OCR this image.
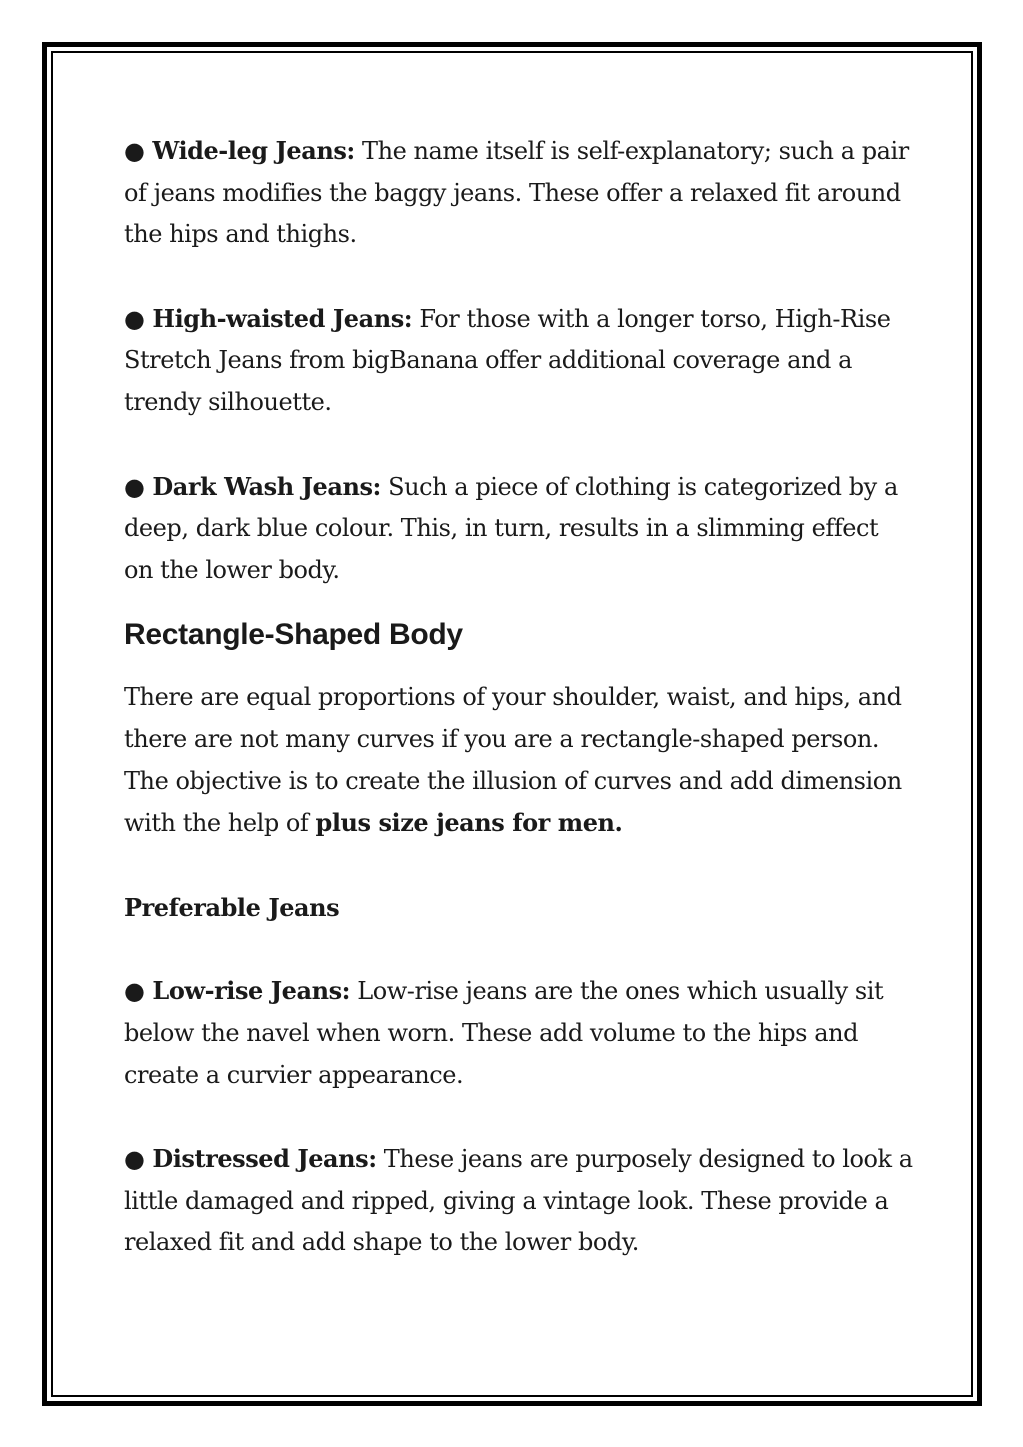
● Wide-leg Jeans: The name itself is self-explanatory; such a pair of jeans modifies the baggy jeans. These offer a relaxed fit around the hips and thighs.

● High-waisted Jeans: For those with a longer torso, High-Rise Stretch Jeans from bigBanana offer additional coverage and a trendy silhouette.

● Dark Wash Jeans: Such a piece of clothing is categorized by a deep, dark blue colour. This, in turn, results in a slimming effect on the lower body.

Rectangle-Shaped Body

There are equal proportions of your shoulder, waist, and hips, and there are not many curves if you are a rectangle-shaped person. The objective is to create the illusion of curves and add dimension with the help of plus size jeans for men.

Preferable Jeans

● Low-rise Jeans: Low-rise jeans are the ones which usually sit below the navel when worn. These add volume to the hips and create a curvier appearance.

● Distressed Jeans: These jeans are purposely designed to look a little damaged and ripped, giving a vintage look. These provide a relaxed fit and add shape to the lower body.
